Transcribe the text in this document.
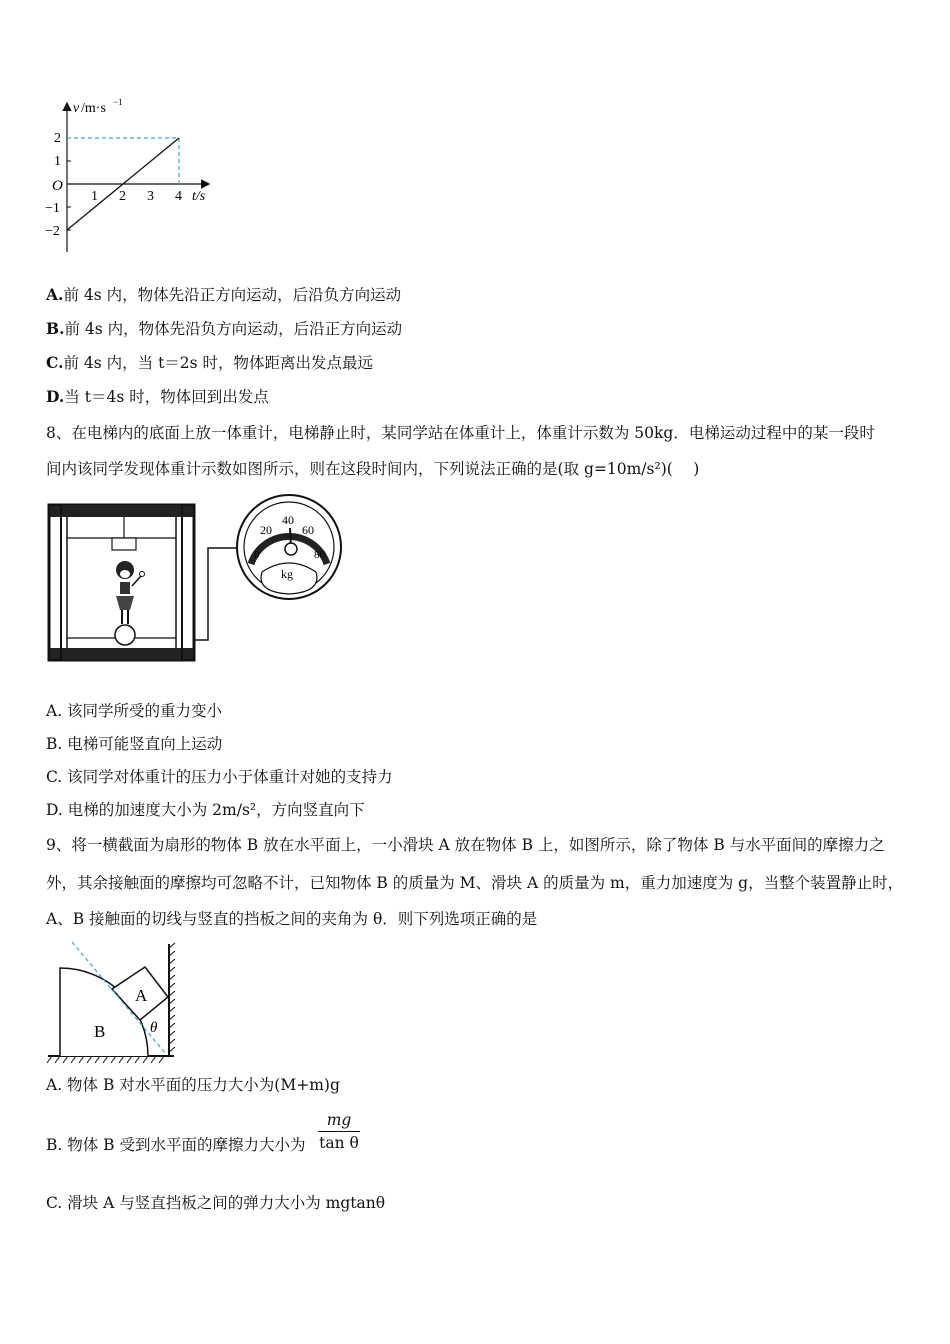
v /m·s −1
O
2
1
−1
−2
1 2 3 4 t/s
A.前 4s 内，物体先沿正方向运动，后沿负方向运动
B.前 4s 内，物体先沿负方向运动，后沿正方向运动
C.前 4s 内，当 t＝2s 时，物体距离出发点最远
D.当 t＝4s 时，物体回到出发点
8、在电梯内的底面上放一体重计，电梯静止时，某同学站在体重计上，体重计示数为 50kg．电梯运动过程中的某一段时
间内该同学发现体重计示数如图所示，则在这段时间内，下列说法正确的是(取 g=10m/s²)(　 )
0
20
40
60
80
kg
A. 该同学所受的重力变小
B. 电梯可能竖直向上运动
C. 该同学对体重计的压力小于体重计对她的支持力
D. 电梯的加速度大小为 2m/s²，方向竖直向下
9、将一横截面为扇形的物体 B 放在水平面上，一小滑块 A 放在物体 B 上，如图所示，除了物体 B 与水平面间的摩擦力之
外，其余接触面的摩擦均可忽略不计，已知物体 B 的质量为 M、滑块 A 的质量为 m，重力加速度为 g，当整个装置静止时，
A、B 接触面的切线与竖直的挡板之间的夹角为 θ．则下列选项正确的是
A
B	θ
A. 物体 B 对水平面的压力大小为(M+m)g
B. 物体 B 受到水平面的摩擦力大小为
mg
tan θ
C. 滑块 A 与竖直挡板之间的弹力大小为 mgtanθ
